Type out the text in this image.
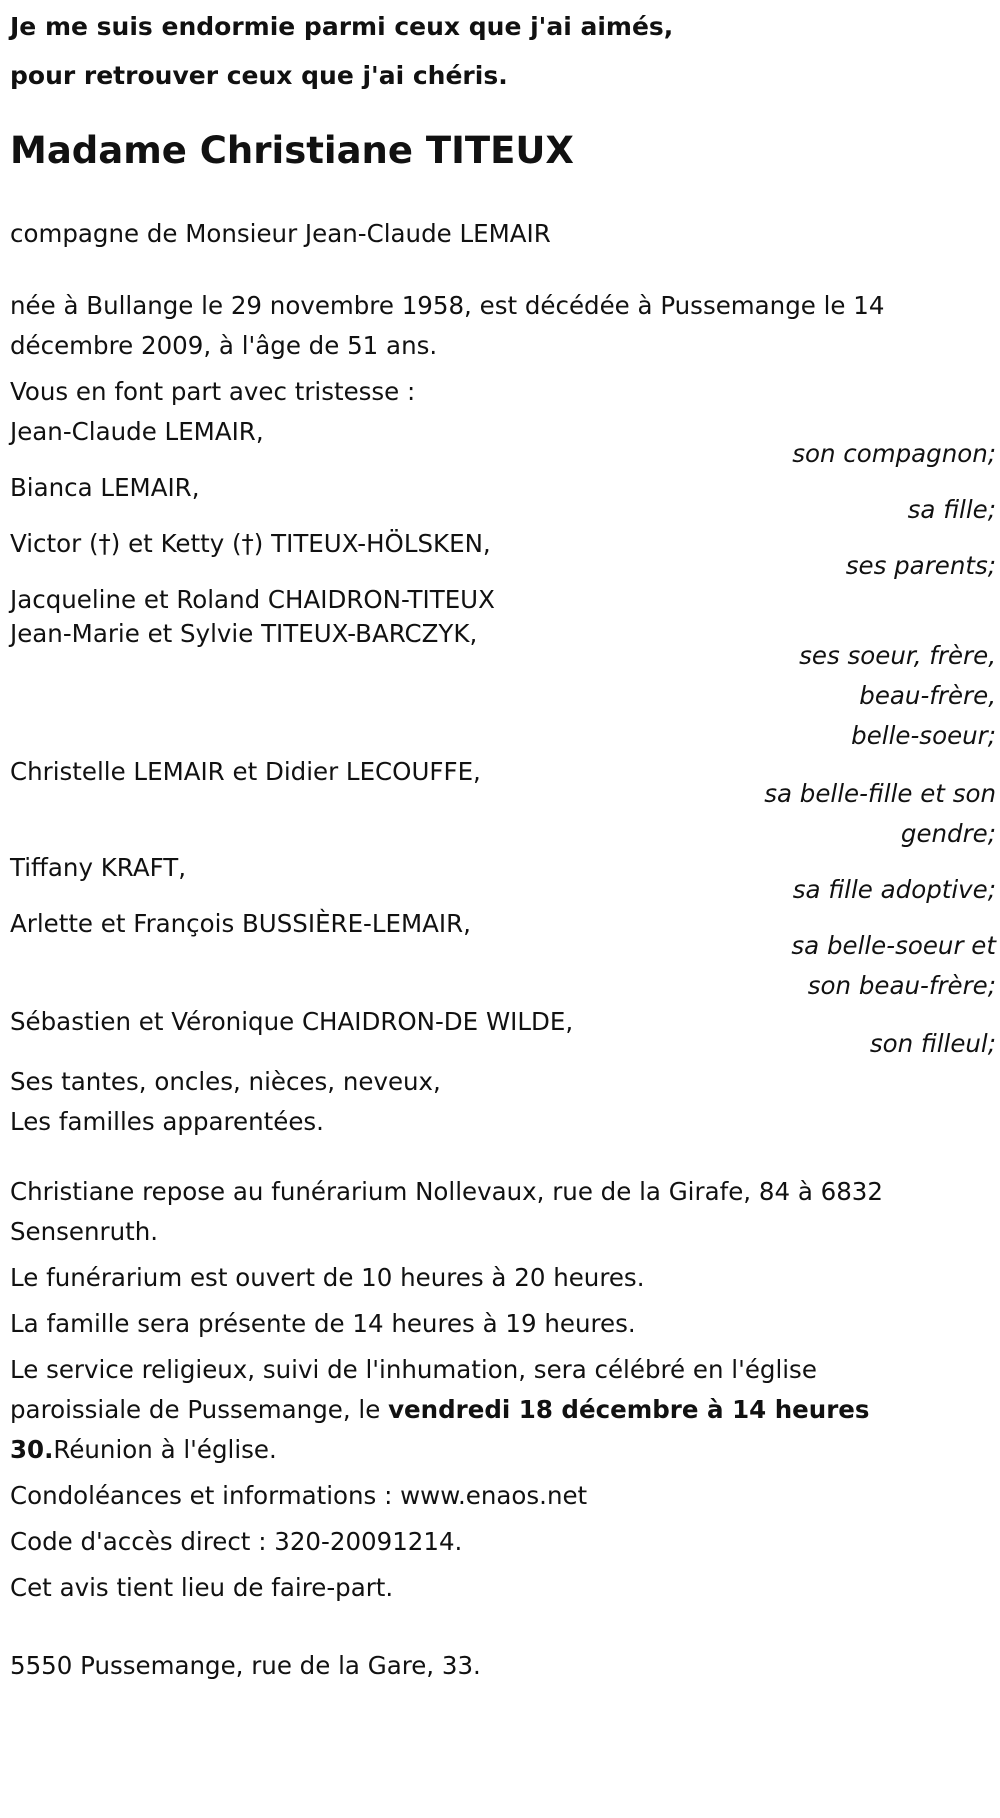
Je me suis endormie parmi ceux que j'ai aimés,
pour retrouver ceux que j'ai chéris.
Madame Christiane TITEUX
compagne de Monsieur Jean-Claude LEMAIR
née à Bullange le 29 novembre 1958, est décédée à Pussemange le 14 décembre 2009, à l'âge de 51 ans.
Vous en font part avec tristesse :
Jean-Claude LEMAIR,
son compagnon;
Bianca LEMAIR,
sa fille;
Victor (†) et Ketty (†) TITEUX-HÖLSKEN,
ses parents;
Jacqueline et Roland CHAIDRON-TITEUX
Jean-Marie et Sylvie TITEUX-BARCZYK,
ses soeur, frère, beau-frère, belle-soeur;
Christelle LEMAIR et Didier LECOUFFE,
sa belle-fille et son gendre;
Tiffany KRAFT,
sa fille adoptive;
Arlette et François BUSSIÈRE-LEMAIR,
sa belle-soeur et son beau-frère;
Sébastien et Véronique CHAIDRON-DE WILDE,
son filleul;
Ses tantes, oncles, nièces, neveux,
Les familles apparentées.
Christiane repose au funérarium Nollevaux, rue de la Girafe, 84 à 6832 Sensenruth.
Le funérarium est ouvert de 10 heures à 20 heures.
La famille sera présente de 14 heures à 19 heures.
Le service religieux, suivi de l'inhumation, sera célébré en l'église paroissiale de Pussemange, le vendredi 18 décembre à 14 heures 30.Réunion à l'église.
Condoléances et informations : www.enaos.net
Code d'accès direct : 320-20091214.
Cet avis tient lieu de faire-part.
5550 Pussemange, rue de la Gare, 33.
